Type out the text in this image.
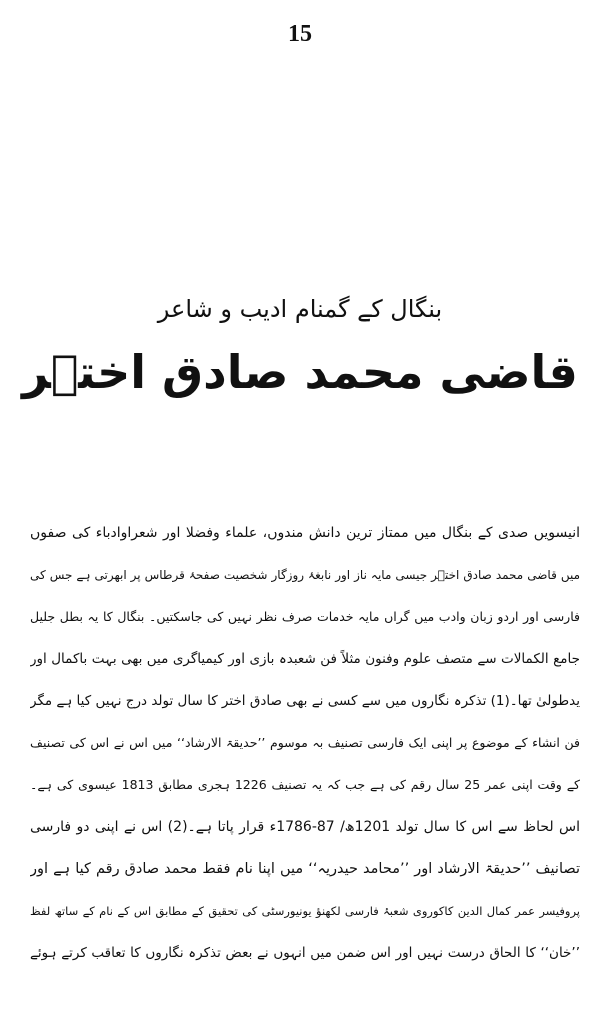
15
بنگال کے گمنام ادیب و شاعر
قاضی محمد صادق اختؔر
انیسویں صدی کے بنگال میں ممتاز ترین دانش مندوں، علماء وفضلا اور شعراوادباء کی صفوں
میں قاضی محمد صادق اختؔر جیسی مایہ ناز اور نابغۂ روزگار شخصیت صفحۂ قرطاس پر ابھرتی ہے جس کی
فارسی اور اردو زبان وادب میں گراں مایہ خدمات صرف نظر نہیں کی جاسکتیں۔ بنگال کا یہ بطل جلیل
جامع الکمالات سے متصف علوم وفنون مثلاً فن شعبدہ بازی اور کیمیاگری میں بھی بہت باکمال اور
یدطولیٰ تھا۔(1) تذکرہ نگاروں میں سے کسی نے بھی صادق اختر کا سال تولد درج نہیں کیا ہے مگر
فن انشاء کے موضوع پر اپنی ایک فارسی تصنیف بہ موسوم ’’حدیقۃ الارشاد‘‘ میں اس نے اس کی تصنیف
کے وقت اپنی عمر 25 سال رقم کی ہے جب کہ یہ تصنیف 1226 ہجری مطابق 1813 عیسوی کی ہے۔
اس لحاظ سے اس کا سال تولد 1201ھ/ 87-1786ء قرار پاتا ہے۔(2) اس نے اپنی دو فارسی
تصانیف ’’حدیقۃ الارشاد اور ’’محامد حیدریہ‘‘ میں اپنا نام فقط محمد صادق رقم کیا ہے اور
پروفیسر عمر کمال الدین کاکوروی شعبۂ فارسی لکھنؤ یونیورسٹی کی تحقیق کے مطابق اس کے نام کے ساتھ لفظ
’’خان‘‘ کا الحاق درست نہیں اور اس ضمن میں انہوں نے بعض تذکرہ نگاروں کا تعاقب کرتے ہوئے
